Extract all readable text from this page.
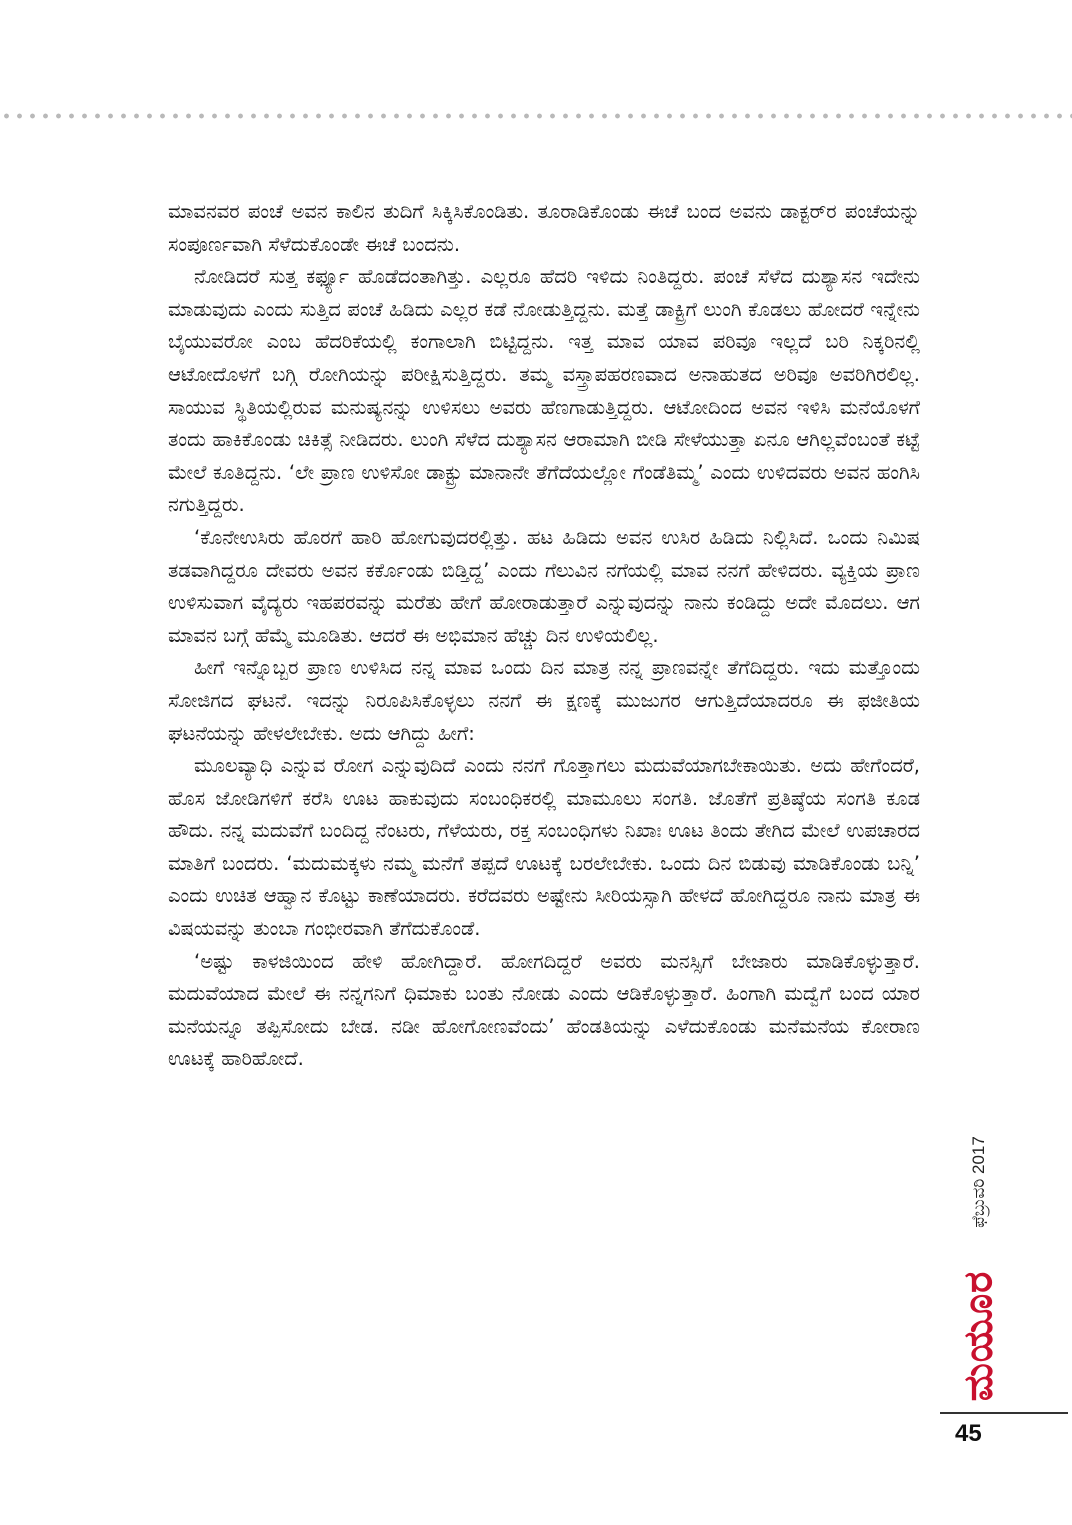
ಮಾವನವರ ಪಂಚೆ ಅವನ ಕಾಲಿನ ತುದಿಗೆ ಸಿಕ್ಕಿಸಿಕೊಂಡಿತು. ತೂರಾಡಿಕೊಂಡು ಈಚೆ ಬಂದ ಅವನು ಡಾಕ್ಟರ್‌ರ ಪಂಚೆಯನ್ನು ಸಂಪೂರ್ಣವಾಗಿ ಸೆಳೆದುಕೊಂಡೇ ಈಚೆ ಬಂದನು.

ನೋಡಿದರೆ ಸುತ್ತ ಕರ್ಫ್ಯೂ ಹೊಡೆದಂತಾಗಿತ್ತು. ಎಲ್ಲರೂ ಹೆದರಿ ಇಳಿದು ನಿಂತಿದ್ದರು. ಪಂಚೆ ಸೆಳೆದ ದುಶ್ಯಾಸನ ಇದೇನು ಮಾಡುವುದು ಎಂದು ಸುತ್ತಿದ ಪಂಚೆ ಹಿಡಿದು ಎಲ್ಲರ ಕಡೆ ನೋಡುತ್ತಿದ್ದನು. ಮತ್ತೆ ಡಾಕ್ಟ್ರಿಗೆ ಲುಂಗಿ ಕೊಡಲು ಹೋದರೆ ಇನ್ನೇನು ಬೈಯುವರೋ ಎಂಬ ಹೆದರಿಕೆಯಲ್ಲಿ ಕಂಗಾಲಾಗಿ ಬಿಟ್ಟಿದ್ದನು. ಇತ್ತ ಮಾವ ಯಾವ ಪರಿವೂ ಇಲ್ಲದೆ ಬರಿ ನಿಕ್ಕರಿನಲ್ಲಿ ಆಟೋದೊಳಗೆ ಬಗ್ಗಿ ರೋಗಿಯನ್ನು ಪರೀಕ್ಷಿಸುತ್ತಿದ್ದರು. ತಮ್ಮ ವಸ್ತ್ರಾಪಹರಣವಾದ ಅನಾಹುತದ ಅರಿವೂ ಅವರಿಗಿರಲಿಲ್ಲ. ಸಾಯುವ ಸ್ಥಿತಿಯಲ್ಲಿರುವ ಮನುಷ್ಯನನ್ನು ಉಳಿಸಲು ಅವರು ಹೆಣಗಾಡುತ್ತಿದ್ದರು. ಆಟೋದಿಂದ ಅವನ ಇಳಿಸಿ ಮನೆಯೊಳಗೆ ತಂದು ಹಾಕಿಕೊಂಡು ಚಿಕಿತ್ಸೆ ನೀಡಿದರು. ಲುಂಗಿ ಸೆಳೆದ ದುಶ್ಯಾಸನ ಆರಾಮಾಗಿ ಬೀಡಿ ಸೇಳೆಯುತ್ತಾ ಏನೂ ಆಗಿಲ್ಲವೆಂಬಂತೆ ಕಟ್ಟೆ ಮೇಲೆ ಕೂತಿದ್ದನು. ‘ಲೇ ಪ್ರಾಣ ಉಳಿಸೋ ಡಾಕ್ಟ್ರು ಮಾನಾನೇ ತೆಗೆದೆಯಲ್ಲೋ ಗೆಂಡೆತಿಮ್ಮ’ ಎಂದು ಉಳಿದವರು ಅವನ ಹಂಗಿಸಿ ನಗುತ್ತಿದ್ದರು.

‘ಕೊನೇಉಸಿರು ಹೊರಗೆ ಹಾರಿ ಹೋಗುವುದರಲ್ಲಿತ್ತು. ಹಟ ಹಿಡಿದು ಅವನ ಉಸಿರ ಹಿಡಿದು ನಿಲ್ಲಿಸಿದೆ. ಒಂದು ನಿಮಿಷ ತಡವಾಗಿದ್ದರೂ ದೇವರು ಅವನ ಕರ್ಕೊಂಡು ಬಿಡ್ತಿದ್ದ’ ಎಂದು ಗೆಲುವಿನ ನಗೆಯಲ್ಲಿ ಮಾವ ನನಗೆ ಹೇಳಿದರು. ವ್ಯಕ್ತಿಯ ಪ್ರಾಣ ಉಳಿಸುವಾಗ ವೈದ್ಯರು ಇಹಪರವನ್ನು ಮರೆತು ಹೇಗೆ ಹೋರಾಡುತ್ತಾರೆ ಎನ್ನುವುದನ್ನು ನಾನು ಕಂಡಿದ್ದು ಅದೇ ಮೊದಲು. ಆಗ ಮಾವನ ಬಗ್ಗೆ ಹೆಮ್ಮೆ ಮೂಡಿತು. ಆದರೆ ಈ ಅಭಿಮಾನ ಹೆಚ್ಚು ದಿನ ಉಳಿಯಲಿಲ್ಲ.

ಹೀಗೆ ಇನ್ನೊಬ್ಬರ ಪ್ರಾಣ ಉಳಿಸಿದ ನನ್ನ ಮಾವ ಒಂದು ದಿನ ಮಾತ್ರ ನನ್ನ ಪ್ರಾಣವನ್ನೇ ತೆಗೆದಿದ್ದರು. ಇದು ಮತ್ತೊಂದು ಸೋಜಿಗದ ಘಟನೆ. ಇದನ್ನು ನಿರೂಪಿಸಿಕೊಳ್ಳಲು ನನಗೆ ಈ ಕ್ಷಣಕ್ಕೆ ಮುಜುಗರ ಆಗುತ್ತಿದೆಯಾದರೂ ಈ ಫಜೀತಿಯ ಘಟನೆಯನ್ನು ಹೇಳಲೇಬೇಕು. ಅದು ಆಗಿದ್ದು ಹೀಗೆ:

ಮೂಲವ್ಯಾಧಿ ಎನ್ನುವ ರೋಗ ಎನ್ನುವುದಿದೆ ಎಂದು ನನಗೆ ಗೊತ್ತಾಗಲು ಮದುವೆಯಾಗಬೇಕಾಯಿತು. ಅದು ಹೇಗೆಂದರೆ, ಹೊಸ ಜೋಡಿಗಳಿಗೆ ಕರೆಸಿ ಊಟ ಹಾಕುವುದು ಸಂಬಂಧಿಕರಲ್ಲಿ ಮಾಮೂಲು ಸಂಗತಿ. ಜೊತೆಗೆ ಪ್ರತಿಷ್ಠೆಯ ಸಂಗತಿ ಕೂಡ ಹೌದು. ನನ್ನ ಮದುವೆಗೆ ಬಂದಿದ್ದ ನೆಂಟರು, ಗೆಳೆಯರು, ರಕ್ತ ಸಂಬಂಧಿಗಳು ನಿಖಾಃ ಊಟ ತಿಂದು ತೇಗಿದ ಮೇಲೆ ಉಪಚಾರದ ಮಾತಿಗೆ ಬಂದರು. ‘ಮದುಮಕ್ಕಳು ನಮ್ಮ ಮನೆಗೆ ತಪ್ಪದೆ ಊಟಕ್ಕೆ ಬರಲೇಬೇಕು. ಒಂದು ದಿನ ಬಿಡುವು ಮಾಡಿಕೊಂಡು ಬನ್ನಿ’ ಎಂದು ಉಚಿತ ಆಹ್ವಾನ ಕೊಟ್ಟು ಕಾಣೆಯಾದರು. ಕರೆದವರು ಅಷ್ಟೇನು ಸೀರಿಯಸ್ಸಾಗಿ ಹೇಳದೆ ಹೋಗಿದ್ದರೂ ನಾನು ಮಾತ್ರ ಈ ವಿಷಯವನ್ನು ತುಂಬಾ ಗಂಭೀರವಾಗಿ ತೆಗೆದುಕೊಂಡೆ.

‘ಅಷ್ಟು ಕಾಳಜಿಯಿಂದ ಹೇಳಿ ಹೋಗಿದ್ದಾರೆ. ಹೋಗದಿದ್ದರೆ ಅವರು ಮನಸ್ಸಿಗೆ ಬೇಜಾರು ಮಾಡಿಕೊಳ್ಳುತ್ತಾರೆ. ಮದುವೆಯಾದ ಮೇಲೆ ಈ ನನ್ನಗನಿಗೆ ಧಿಮಾಕು ಬಂತು ನೋಡು ಎಂದು ಆಡಿಕೊಳ್ಳುತ್ತಾರೆ. ಹಿಂಗಾಗಿ ಮದ್ವೆಗೆ ಬಂದ ಯಾರ ಮನೆಯನ್ನೂ ತಪ್ಪಿಸೋದು ಬೇಡ. ನಡೀ ಹೋಗೋಣವೆಂದು’ ಹೆಂಡತಿಯನ್ನು ಎಳೆದುಕೊಂಡು ಮನೆಮನೆಯ ಕೋರಾಣ ಊಟಕ್ಕೆ ಹಾರಿಹೋದೆ.

ಫೆಬ್ರುವರಿ 2017
ಮಯೂರ
45
